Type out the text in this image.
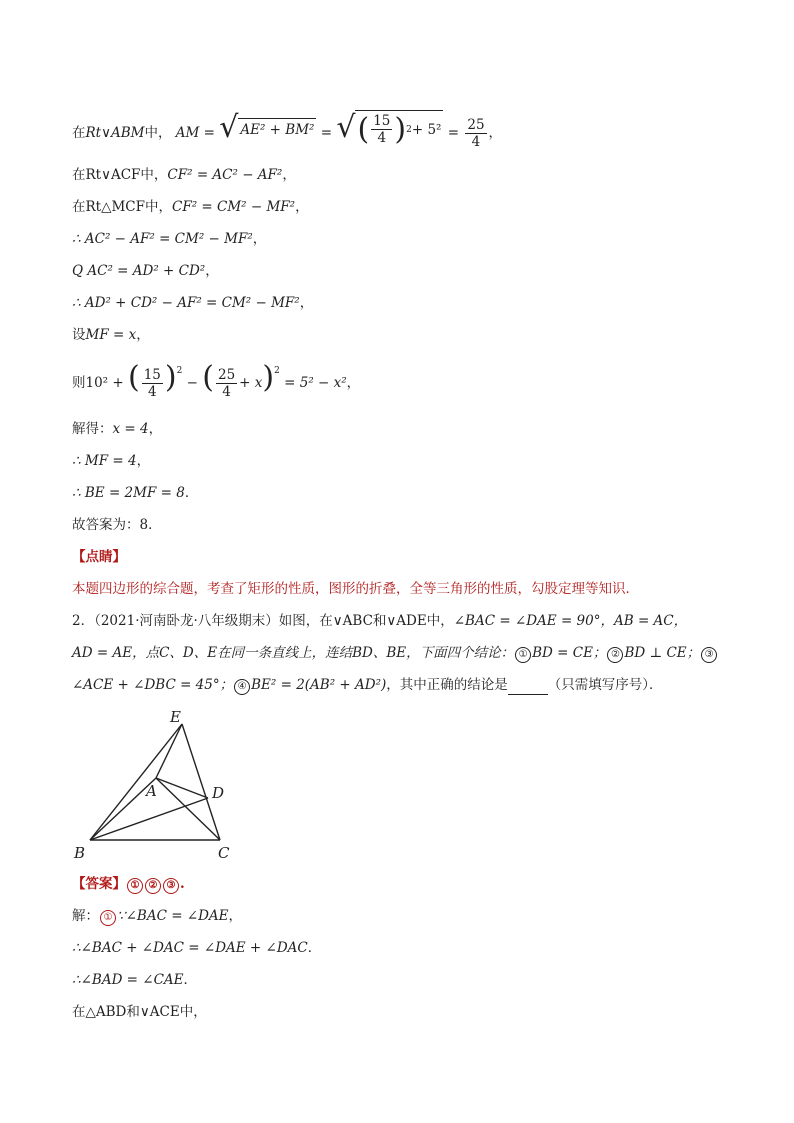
在Rt∨ABM中， AM = √ AE² + BM² = √ ( $\frac{15}{4}$ ) $2 + 5^2 = \frac{25}{4}$ ，
在Rt∨ACF中，CF² = AC² − AF²，
在Rt△MCF中，CF² = CM² − MF²，
∴ AC² − AF² = CM² − MF²，
Q AC² = AD² + CD²，
∴ AD² + CD² − AF² = CM² − MF²，
设MF = x，
则10² + ( $\frac{15}{4} )^2$ − ( $\frac{25}{4} + x)^2 = 5^2 - x^2$，
解得：x = 4，
∴ MF = 4，
∴ BE = 2MF = 8．
故答案为：8．
【点睛】
本题四边形的综合题，考查了矩形的性质，图形的折叠，全等三角形的性质，勾股定理等知识．
2．（2021·河南卧龙·八年级期末）如图，在∨ABC和∨ADE中，∠BAC = ∠DAE = 90°，AB = AC，
AD = AE，点C、D、E在同一条直线上，连结BD、BE，下面四个结论： ① BD = CE； ② BD ⊥ CE； ③
∠ACE + ∠DBC = 45°； ④ BE² = 2(AB² + AD²)，其中正确的结论是	（只需填写序号）．
E
A	D
B	C
【答案】 ① ② ③ .
解： ① ∵∠BAC = ∠DAE，
∴∠BAC + ∠DAC = ∠DAE + ∠DAC．
∴∠BAD = ∠CAE．
在△ABD和∨ACE中，
